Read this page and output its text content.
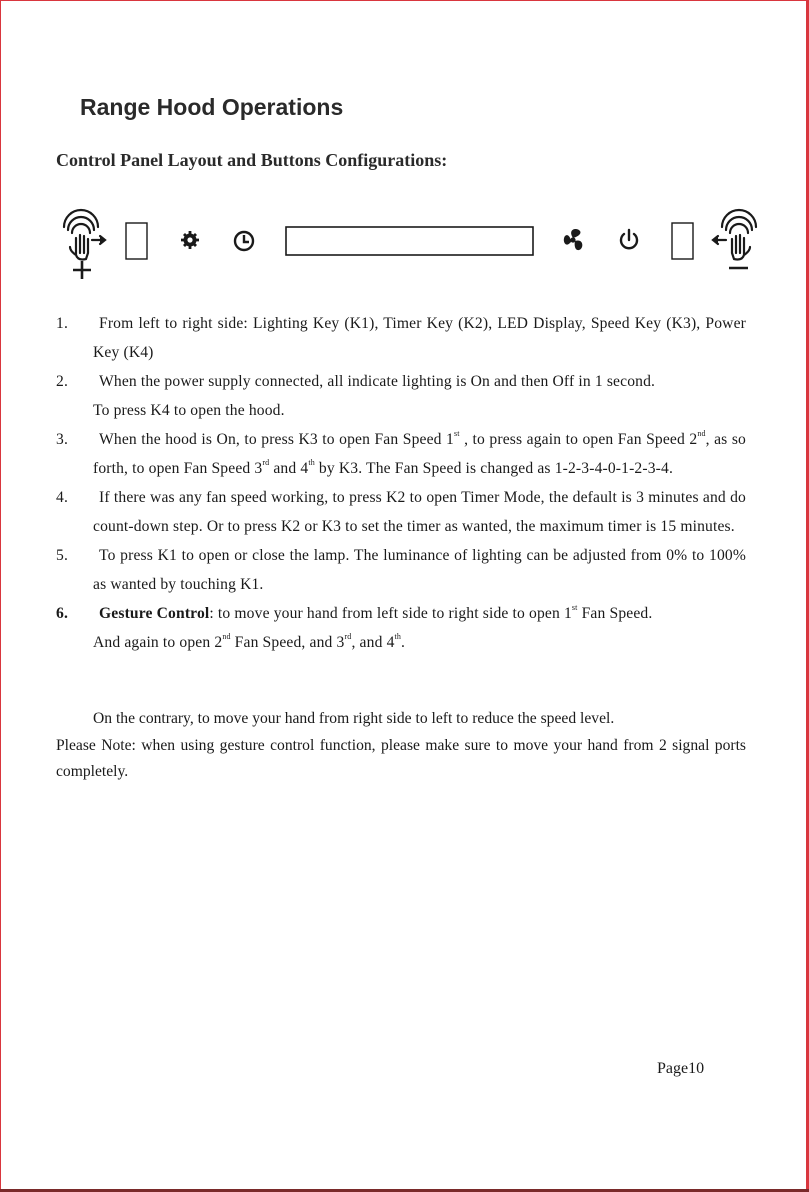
Range Hood Operations
Control Panel Layout and Buttons Configurations:
1.	From left to right side: Lighting Key (K1), Timer Key (K2), LED Display, Speed Key (K3), Power Key (K4)
2.	When the power supply connected, all indicate lighting is On and then Off in 1 second.
To press K4 to open the hood.
3.	When the hood is On, to press K3 to open Fan Speed 1st , to press again to open Fan Speed 2nd, as so forth, to open Fan Speed 3rd and 4th by K3. The Fan Speed is changed as 1-2-3-4-0-1-2-3-4.
4.	If there was any fan speed working, to press K2 to open Timer Mode, the default is 3 minutes and do count-down step. Or to press K2 or K3 to set the timer as wanted, the maximum timer is 15 minutes.
5.	To press K1 to open or close the lamp. The luminance of lighting can be adjusted from 0% to 100% as wanted by touching K1.
6.	Gesture Control: to move your hand from left side to right side to open 1st Fan Speed.
And again to open 2nd Fan Speed, and 3rd, and 4th.

On the contrary, to move your hand from right side to left to reduce the speed level.

Please Note: when using gesture control function, please make sure to move your hand from 2 signal ports completely.

Page10
